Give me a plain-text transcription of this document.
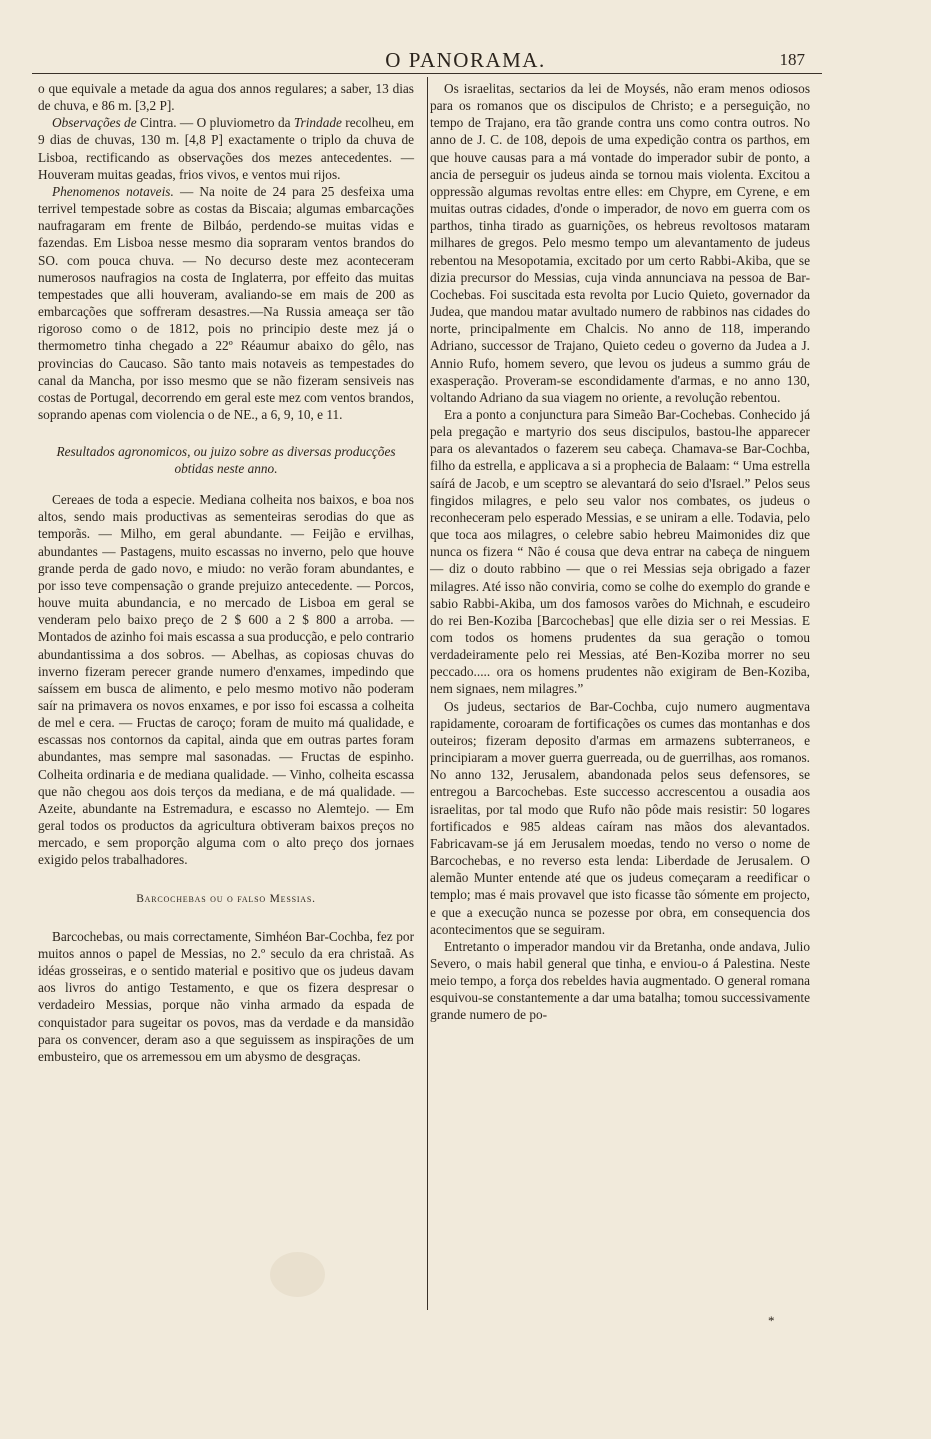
O PANORAMA.	187

o que equivale a metade da agua dos annos regulares; a saber, 13 dias de chuva, e 86 m. [3,2 P].

Observações de Cintra. — O pluviometro da Trindade recolheu, em 9 dias de chuvas, 130 m. [4,8 P] exactamente o triplo da chuva de Lisboa, rectificando as observações dos mezes antecedentes. — Houveram muitas geadas, frios vivos, e ventos mui rijos.

Phenomenos notaveis. — Na noite de 24 para 25 desfeixa uma terrivel tempestade sobre as costas da Biscaia; algumas embarcações naufragaram em frente de Bilbáo, perdendo-se muitas vidas e fazendas. Em Lisboa nesse mesmo dia sopraram ventos brandos do SO. com pouca chuva. — No decurso deste mez aconteceram numerosos naufragios na costa de Inglaterra, por effeito das muitas tempestades que alli houveram, avaliando-se em mais de 200 as embarcações que soffreram desastres.—Na Russia ameaça ser tão rigoroso como o de 1812, pois no principio deste mez já o thermometro tinha chegado a 22º Réaumur abaixo do gêlo, nas provincias do Caucaso. São tanto mais notaveis as tempestades do canal da Mancha, por isso mesmo que se não fizeram sensiveis nas costas de Portugal, decorrendo em geral este mez com ventos brandos, soprando apenas com violencia o de NE., a 6, 9, 10, e 11.

Resultados agronomicos, ou juizo sobre as diversas producções obtidas neste anno.

Cereaes de toda a especie. Mediana colheita nos baixos, e boa nos altos, sendo mais productivas as sementeiras serodias do que as temporãs. — Milho, em geral abundante. — Feijão e ervilhas, abundantes — Pastagens, muito escassas no inverno, pelo que houve grande perda de gado novo, e miudo: no verão foram abundantes, e por isso teve compensação o grande prejuizo antecedente. — Porcos, houve muita abundancia, e no mercado de Lisboa em geral se venderam pelo baixo preço de 2 $ 600 a 2 $ 800 a arroba. — Montados de azinho foi mais escassa a sua producção, e pelo contrario abundantissima a dos sobros. — Abelhas, as copiosas chuvas do inverno fizeram perecer grande numero d'enxames, impedindo que saíssem em busca de alimento, e pelo mesmo motivo não poderam saír na primavera os novos enxames, e por isso foi escassa a colheita de mel e cera. — Fructas de caroço; foram de muito má qualidade, e escassas nos contornos da capital, ainda que em outras partes foram abundantes, mas sempre mal sasonadas. — Fructas de espinho. Colheita ordinaria e de mediana qualidade. — Vinho, colheita escassa que não chegou aos dois terços da mediana, e de má qualidade. — Azeite, abundante na Estremadura, e escasso no Alemtejo. — Em geral todos os productos da agricultura obtiveram baixos preços no mercado, e sem proporção alguma com o alto preço dos jornaes exigido pelos trabalhadores.

Barcochebas ou o falso Messias.

Barcochebas, ou mais correctamente, Simhéon Bar-Cochba, fez por muitos annos o papel de Messias, no 2.º seculo da era christaã. As idéas grosseiras, e o sentido material e positivo que os judeus davam aos livros do antigo Testamento, e que os fizera despresar o verdadeiro Messias, porque não vinha armado da espada de conquistador para sugeitar os povos, mas da verdade e da mansidão para os convencer, deram aso a que seguissem as inspirações de um embusteiro, que os arremessou em um abysmo de desgraças.

Os israelitas, sectarios da lei de Moysés, não eram menos odiosos para os romanos que os discipulos de Christo; e a perseguição, no tempo de Trajano, era tão grande contra uns como contra outros. No anno de J. C. de 108, depois de uma expedição contra os parthos, em que houve causas para a má vontade do imperador subir de ponto, a ancia de perseguir os judeus ainda se tornou mais violenta. Excitou a oppressão algumas revoltas entre elles: em Chypre, em Cyrene, e em muitas outras cidades, d'onde o imperador, de novo em guerra com os parthos, tinha tirado as guarnições, os hebreus revoltosos mataram milhares de gregos. Pelo mesmo tempo um alevantamento de judeus rebentou na Mesopotamia, excitado por um certo Rabbi-Akiba, que se dizia precursor do Messias, cuja vinda annunciava na pessoa de Bar-Cochebas. Foi suscitada esta revolta por Lucio Quieto, governador da Judea, que mandou matar avultado numero de rabbinos nas cidades do norte, principalmente em Chalcis. No anno de 118, imperando Adriano, successor de Trajano, Quieto cedeu o governo da Judea a J. Annio Rufo, homem severo, que levou os judeus a summo gráu de exasperação. Proveram-se escondidamente d'armas, e no anno 130, voltando Adriano da sua viagem no oriente, a revolução rebentou.

Era a ponto a conjunctura para Simeão Bar-Cochebas. Conhecido já pela pregação e martyrio dos seus discipulos, bastou-lhe apparecer para os alevantados o fazerem seu cabeça. Chamava-se Bar-Cochba, filho da estrella, e applicava a si a prophecia de Balaam: “ Uma estrella saírá de Jacob, e um sceptro se alevantará do seio d'Israel.” Pelos seus fingidos milagres, e pelo seu valor nos combates, os judeus o reconheceram pelo esperado Messias, e se uniram a elle. Todavia, pelo que toca aos milagres, o celebre sabio hebreu Maimonides diz que nunca os fizera “ Não é cousa que deva entrar na cabeça de ninguem — diz o douto rabbino — que o rei Messias seja obrigado a fazer milagres. Até isso não conviria, como se colhe do exemplo do grande e sabio Rabbi-Akiba, um dos famosos varões do Michnah, e escudeiro do rei Ben-Koziba [Barcochebas] que elle dizia ser o rei Messias. E com todos os homens prudentes da sua geração o tomou verdadeiramente pelo rei Messias, até Ben-Koziba morrer no seu peccado..... ora os homens prudentes não exigiram de Ben-Koziba, nem signaes, nem milagres.”

Os judeus, sectarios de Bar-Cochba, cujo numero augmentava rapidamente, coroaram de fortificações os cumes das montanhas e dos outeiros; fizeram deposito d'armas em armazens subterraneos, e principiaram a mover guerra guerreada, ou de guerrilhas, aos romanos. No anno 132, Jerusalem, abandonada pelos seus defensores, se entregou a Barcochebas. Este successo accrescentou a ousadia aos israelitas, por tal modo que Rufo não pôde mais resistir: 50 logares fortificados e 985 aldeas caíram nas mãos dos alevantados. Fabricavam-se já em Jerusalem moedas, tendo no verso o nome de Barcochebas, e no reverso esta lenda: Liberdade de Jerusalem. O alemão Munter entende até que os judeus começaram a reedificar o templo; mas é mais provavel que isto ficasse tão sómente em projecto, e que a execução nunca se pozesse por obra, em consequencia dos acontecimentos que se seguiram.

Entretanto o imperador mandou vir da Bretanha, onde andava, Julio Severo, o mais habil general que tinha, e enviou-o á Palestina. Neste meio tempo, a força dos rebeldes havia augmentado. O general romana esquivou-se constantemente a dar uma batalha; tomou successivamente grande numero de po-

*
